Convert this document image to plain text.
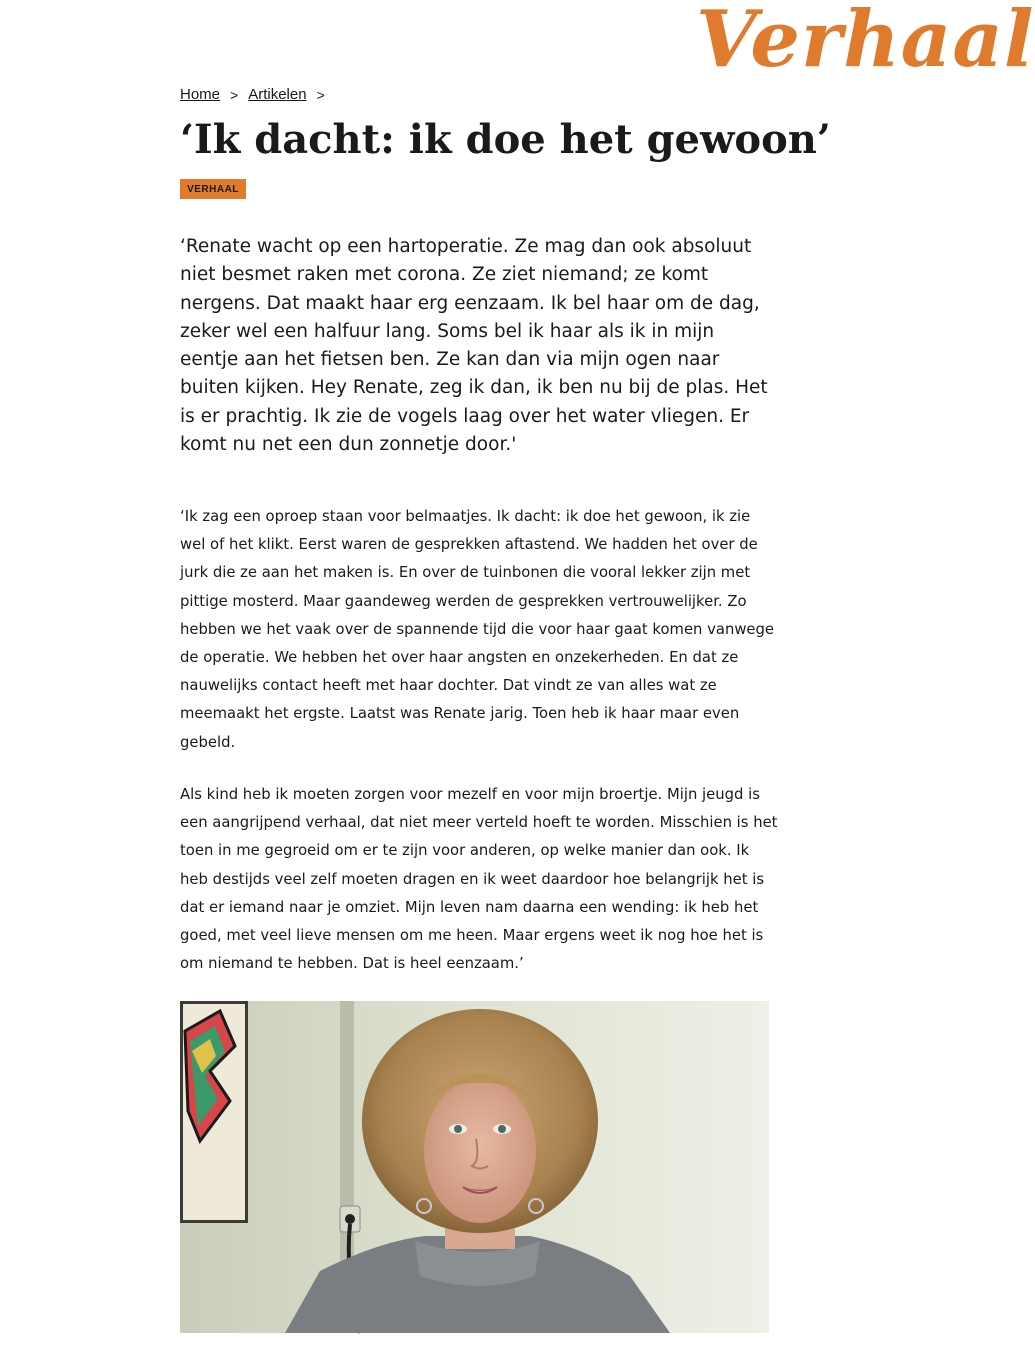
Verhaal
Home > Artikelen >
‘Ik dacht: ik doe het gewoon’
VERHAAL

‘Renate wacht op een hartoperatie. Ze mag dan ook absoluut niet besmet raken met corona. Ze ziet niemand; ze komt nergens. Dat maakt haar erg eenzaam. Ik bel haar om de dag, zeker wel een halfuur lang. Soms bel ik haar als ik in mijn eentje aan het fietsen ben. Ze kan dan via mijn ogen naar buiten kijken. Hey Renate, zeg ik dan, ik ben nu bij de plas. Het is er prachtig. Ik zie de vogels laag over het water vliegen. Er komt nu net een dun zonnetje door.'

‘Ik zag een oproep staan voor belmaatjes. Ik dacht: ik doe het gewoon, ik zie wel of het klikt. Eerst waren de gesprekken aftastend. We hadden het over de jurk die ze aan het maken is. En over de tuinbonen die vooral lekker zijn met pittige mosterd. Maar gaandeweg werden de gesprekken vertrouwelijker. Zo hebben we het vaak over de spannende tijd die voor haar gaat komen vanwege de operatie. We hebben het over haar angsten en onzekerheden. En dat ze nauwelijks contact heeft met haar dochter. Dat vindt ze van alles wat ze meemaakt het ergste. Laatst was Renate jarig. Toen heb ik haar maar even gebeld.

Als kind heb ik moeten zorgen voor mezelf en voor mijn broertje. Mijn jeugd is een aangrijpend verhaal, dat niet meer verteld hoeft te worden. Misschien is het toen in me gegroeid om er te zijn voor anderen, op welke manier dan ook. Ik heb destijds veel zelf moeten dragen en ik weet daardoor hoe belangrijk het is dat er iemand naar je omziet. Mijn leven nam daarna een wending: ik heb het goed, met veel lieve mensen om me heen. Maar ergens weet ik nog hoe het is om niemand te hebben. Dat is heel eenzaam.’
